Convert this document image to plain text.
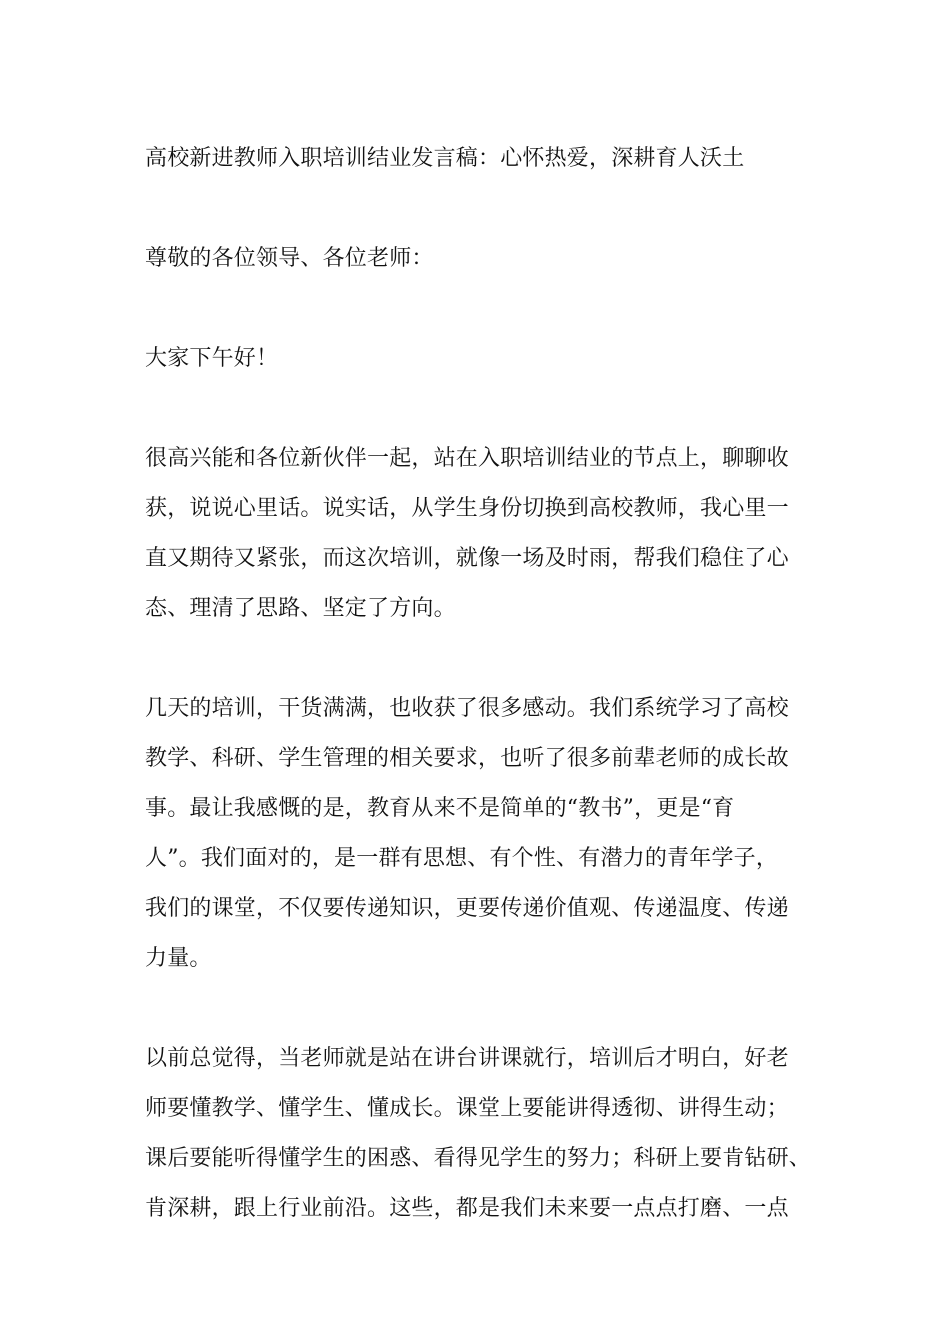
高校新进教师入职培训结业发言稿：心怀热爱，深耕育人沃土

尊敬的各位领导、各位老师：

大家下午好！

很高兴能和各位新伙伴一起，站在入职培训结业的节点上，聊聊收

获，说说心里话。说实话，从学生身份切换到高校教师，我心里一

直又期待又紧张，而这次培训，就像一场及时雨，帮我们稳住了心

态、理清了思路、坚定了方向。

几天的培训，干货满满，也收获了很多感动。我们系统学习了高校

教学、科研、学生管理的相关要求，也听了很多前辈老师的成长故

事。最让我感慨的是，教育从来不是简单的“教书”，更是“育

人”。我们面对的，是一群有思想、有个性、有潜力的青年学子，

我们的课堂，不仅要传递知识，更要传递价值观、传递温度、传递

力量。

以前总觉得，当老师就是站在讲台讲课就行，培训后才明白，好老

师要懂教学、懂学生、懂成长。课堂上要能讲得透彻、讲得生动；

课后要能听得懂学生的困惑、看得见学生的努力；科研上要肯钻研、

肯深耕，跟上行业前沿。这些，都是我们未来要一点点打磨、一点
